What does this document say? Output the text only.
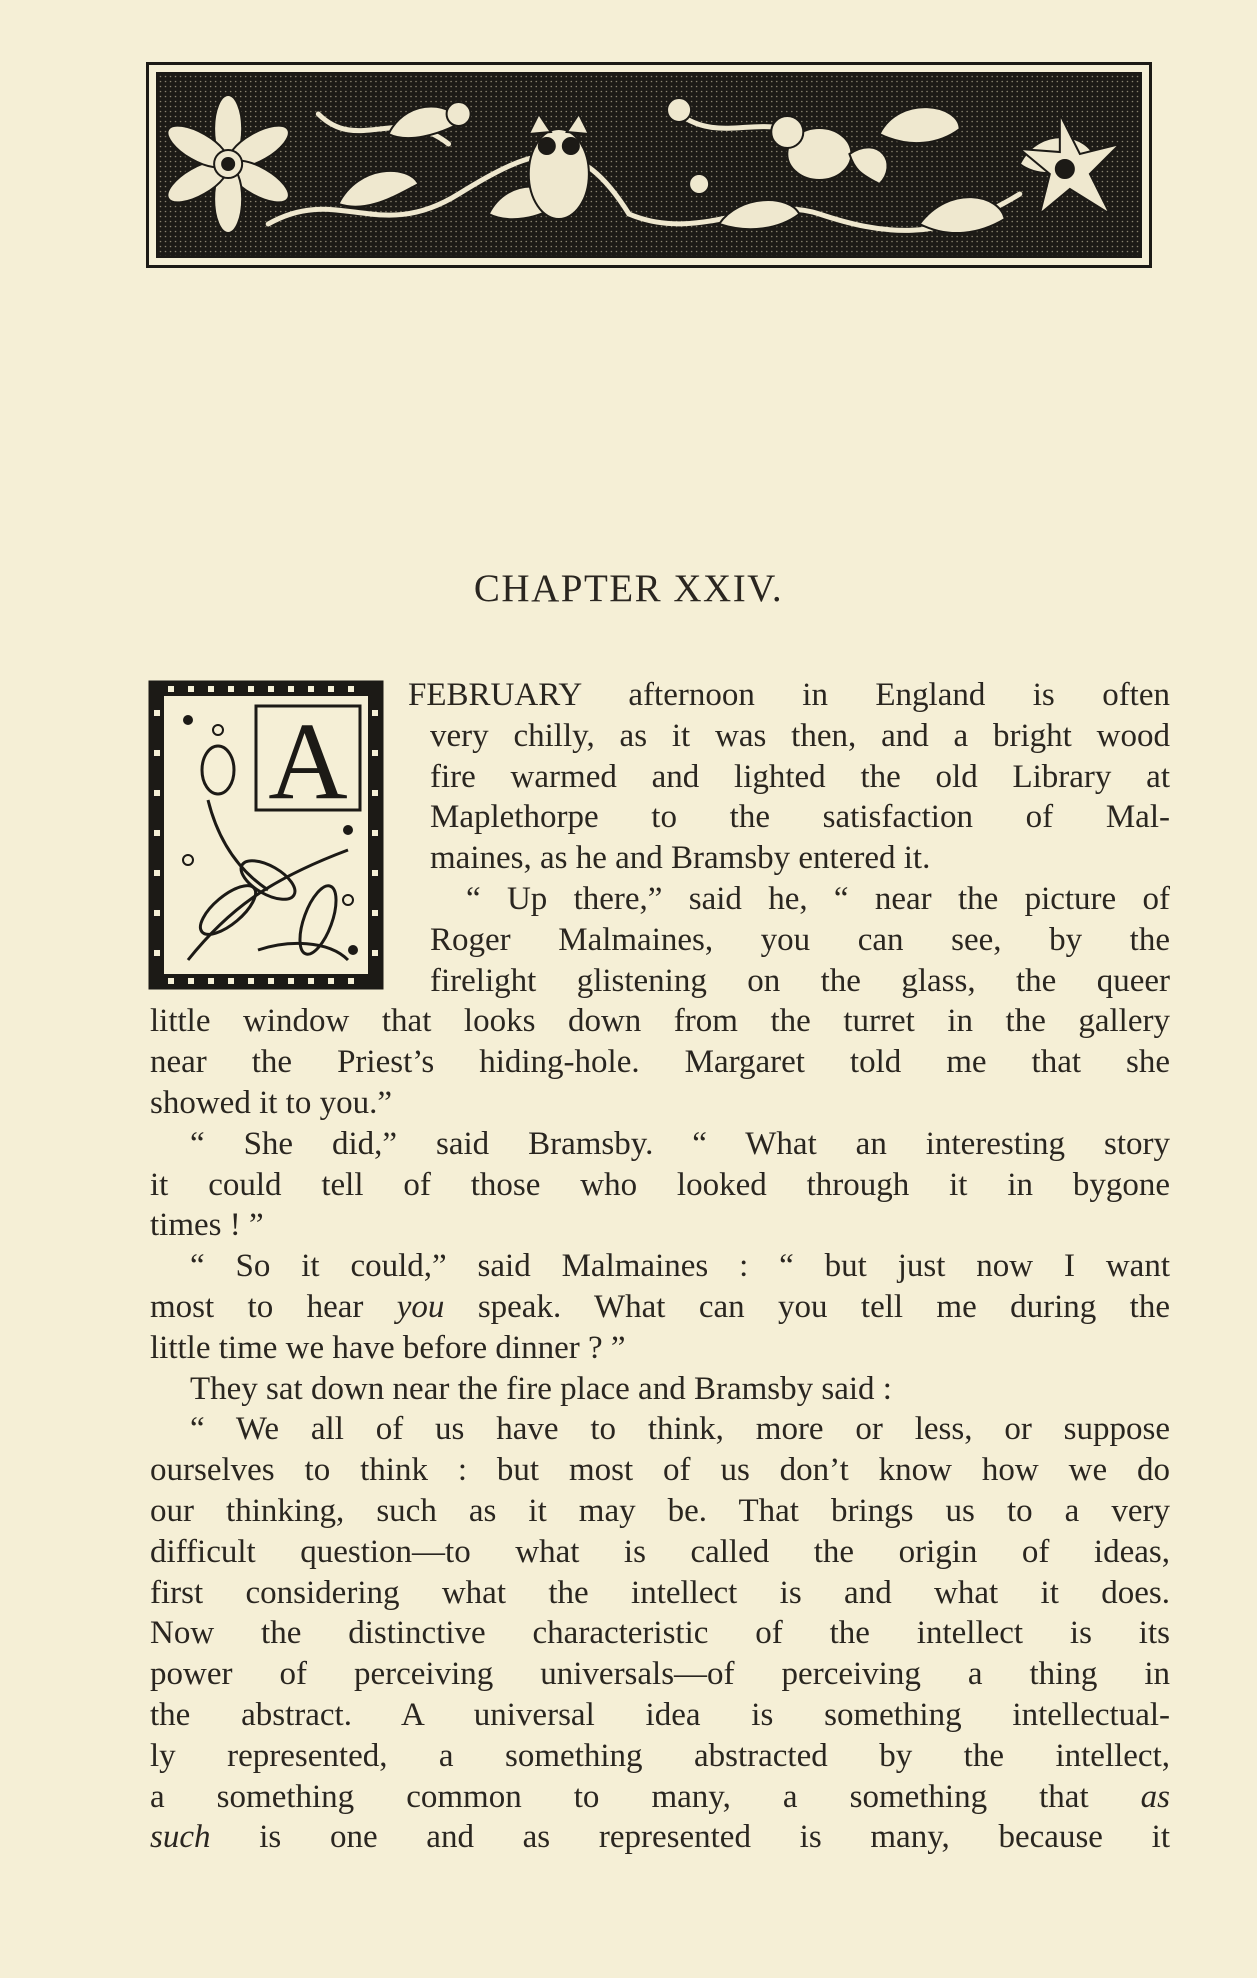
CHAPTER XXIV.
A
FEBRUARY afternoon in England is often
very chilly, as it was then, and a bright wood
fire warmed and lighted the old Library at
Maplethorpe to the satisfaction of Mal-
maines, as he and Bramsby entered it.
“ Up there,” said he, “ near the picture of
Roger Malmaines, you can see, by the
firelight glistening on the glass, the queer
little window that looks down from the turret in the gallery
near the Priest’s hiding-hole. Margaret told me that she
showed it to you.”
“ She did,” said Bramsby. “ What an interesting story
it could tell of those who looked through it in bygone
times ! ”
“ So it could,” said Malmaines : “ but just now I want
most to hear you speak. What can you tell me during the
little time we have before dinner ? ”
They sat down near the fire place and Bramsby said :
“ We all of us have to think, more or less, or suppose
ourselves to think : but most of us don’t know how we do
our thinking, such as it may be. That brings us to a very
difficult question—to what is called the origin of ideas,
first considering what the intellect is and what it does.
Now the distinctive characteristic of the intellect is its
power of perceiving universals—of perceiving a thing in
the abstract. A universal idea is something intellectual-
ly represented, a something abstracted by the intellect,
a something common to many, a something that as
such is one and as represented is many, because it
